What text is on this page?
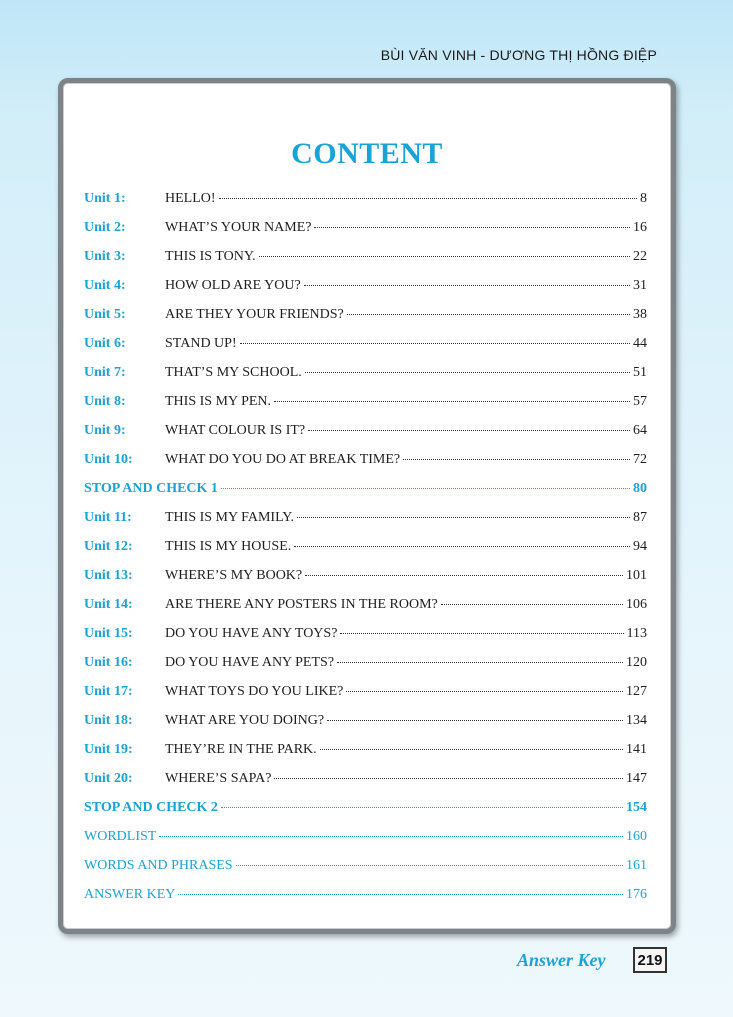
BÙI VĂN VINH - DƯƠNG THỊ HỒNG ĐIỆP
CONTENT
Unit 1:	HELLO!	8
Unit 2:	WHAT’S YOUR NAME?	16
Unit 3:	THIS IS TONY.	22
Unit 4:	HOW OLD ARE YOU?	31
Unit 5:	ARE THEY YOUR FRIENDS?	38
Unit 6:	STAND UP!	44
Unit 7:	THAT’S MY SCHOOL.	51
Unit 8:	THIS IS MY PEN.	57
Unit 9:	WHAT COLOUR IS IT?	64
Unit 10:	WHAT DO YOU DO AT BREAK TIME?	72
STOP AND CHECK 1	80
Unit 11:	THIS IS MY FAMILY.	87
Unit 12:	THIS IS MY HOUSE.	94
Unit 13:	WHERE’S MY BOOK?	101
Unit 14:	ARE THERE ANY POSTERS IN THE ROOM?	106
Unit 15:	DO YOU HAVE ANY TOYS?	113
Unit 16:	DO YOU HAVE ANY PETS?	120
Unit 17:	WHAT TOYS DO YOU LIKE?	127
Unit 18:	WHAT ARE YOU DOING?	134
Unit 19:	THEY’RE IN THE PARK.	141
Unit 20:	WHERE’S SAPA?	147
STOP AND CHECK 2	154
WORDLIST	160
WORDS AND PHRASES	161
ANSWER KEY	176
Answer Key 219
